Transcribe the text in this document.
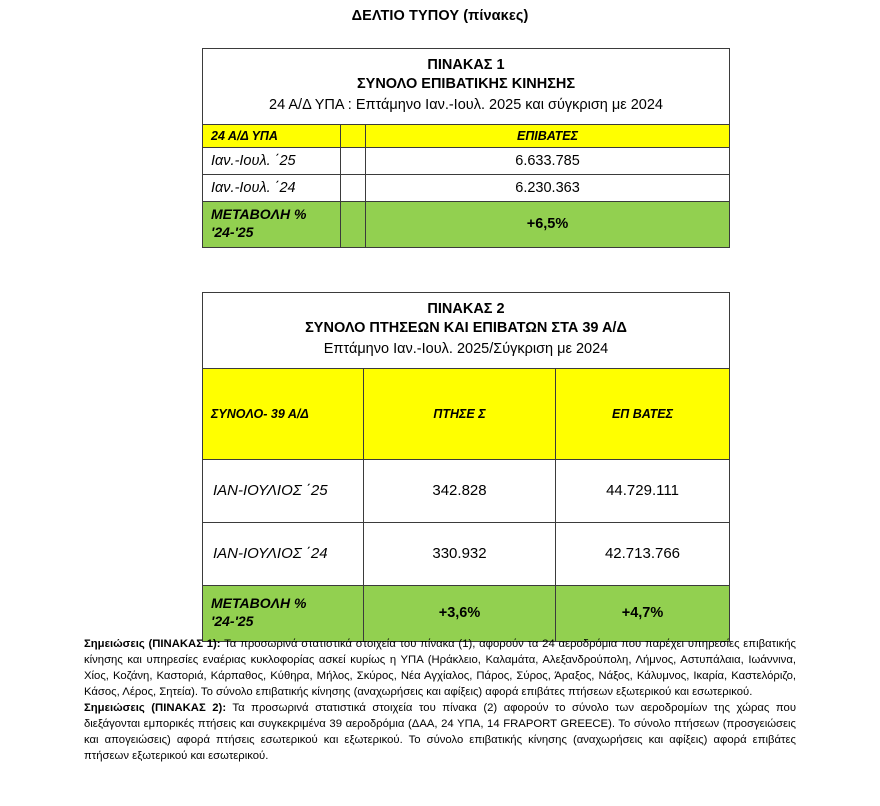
ΔΕΛΤΙΟ ΤΥΠΟΥ (πίνακες)
ΠΙΝΑΚΑΣ 1
ΣΥΝΟΛΟ ΕΠΙΒΑΤΙΚΗΣ ΚΙΝΗΣΗΣ
24 Α/Δ ΥΠΑ : Επτάμηνο Ιαν.-Ιουλ. 2025 και σύγκριση με 2024		

24 Α/Δ ΥΠΑ		ΕΠΙΒΑΤΕΣ
Ιαν.-Ιουλ. ΄25		6.633.785
Ιαν.-Ιουλ. ΄24		6.230.363

ΜΕΤΑΒΟΛΗ %
'24-'25		+6,5%
ΠΙΝΑΚΑΣ 2
ΣΥΝΟΛΟ ΠΤΗΣΕΩΝ ΚΑΙ ΕΠΙΒΑΤΩΝ ΣΤΑ 39 Α/Δ
Επτάμηνο Ιαν.-Ιουλ. 2025/Σύγκριση με 2024		

ΣΥΝΟΛΟ- 39 Α/Δ	ΠΤΗΣΕ Σ	ΕΠ ΒΑΤΕΣ
ΙΑΝ-ΙΟΥΛΙΟΣ ΄25	342.828	44.729.111
ΙΑΝ-ΙΟΥΛΙΟΣ ΄24	330.932	42.713.766

ΜΕΤΑΒΟΛΗ %
'24-'25	+3,6%	+4,7%

Σημειώσεις (ΠΙΝΑΚΑΣ 1): Τα προσωρινά στατιστικά στοιχεία του πίνακα (1), αφορούν τα 24 αεροδρόμια που παρέχει υπηρεσίες επιβατικής κίνησης και υπηρεσίες εναέριας κυκλοφορίας ασκεί κυρίως η ΥΠΑ (Ηράκλειο, Καλαμάτα, Αλεξανδρούπολη, Λήμνος, Αστυπάλαια, Ιωάννινα, Χίος, Κοζάνη, Καστοριά, Κάρπαθος, Κύθηρα, Μήλος, Σκύρος, Νέα Αγχίαλος, Πάρος, Σύρος, Άραξος, Νάξος, Κάλυμνος, Ικαρία, Καστελόριζο, Κάσος, Λέρος, Σητεία). Το σύνολο επιβατικής κίνησης (αναχωρήσεις και αφίξεις) αφορά επιβάτες πτήσεων εξωτερικού και εσωτερικού.

Σημειώσεις (ΠΙΝΑΚΑΣ 2): Τα προσωρινά στατιστικά στοιχεία του πίνακα (2) αφορούν το σύνολο των αεροδρομίων της χώρας που διεξάγονται εμπορικές πτήσεις και συγκεκριμένα 39 αεροδρόμια (ΔΑΑ, 24 ΥΠΑ, 14 FRAPORT GREECE). Το σύνολο πτήσεων (προσγειώσεις και απογειώσεις) αφορά πτήσεις εσωτερικού και εξωτερικού. Το σύνολο επιβατικής κίνησης (αναχωρήσεις και αφίξεις) αφορά επιβάτες πτήσεων εξωτερικού και εσωτερικού.
